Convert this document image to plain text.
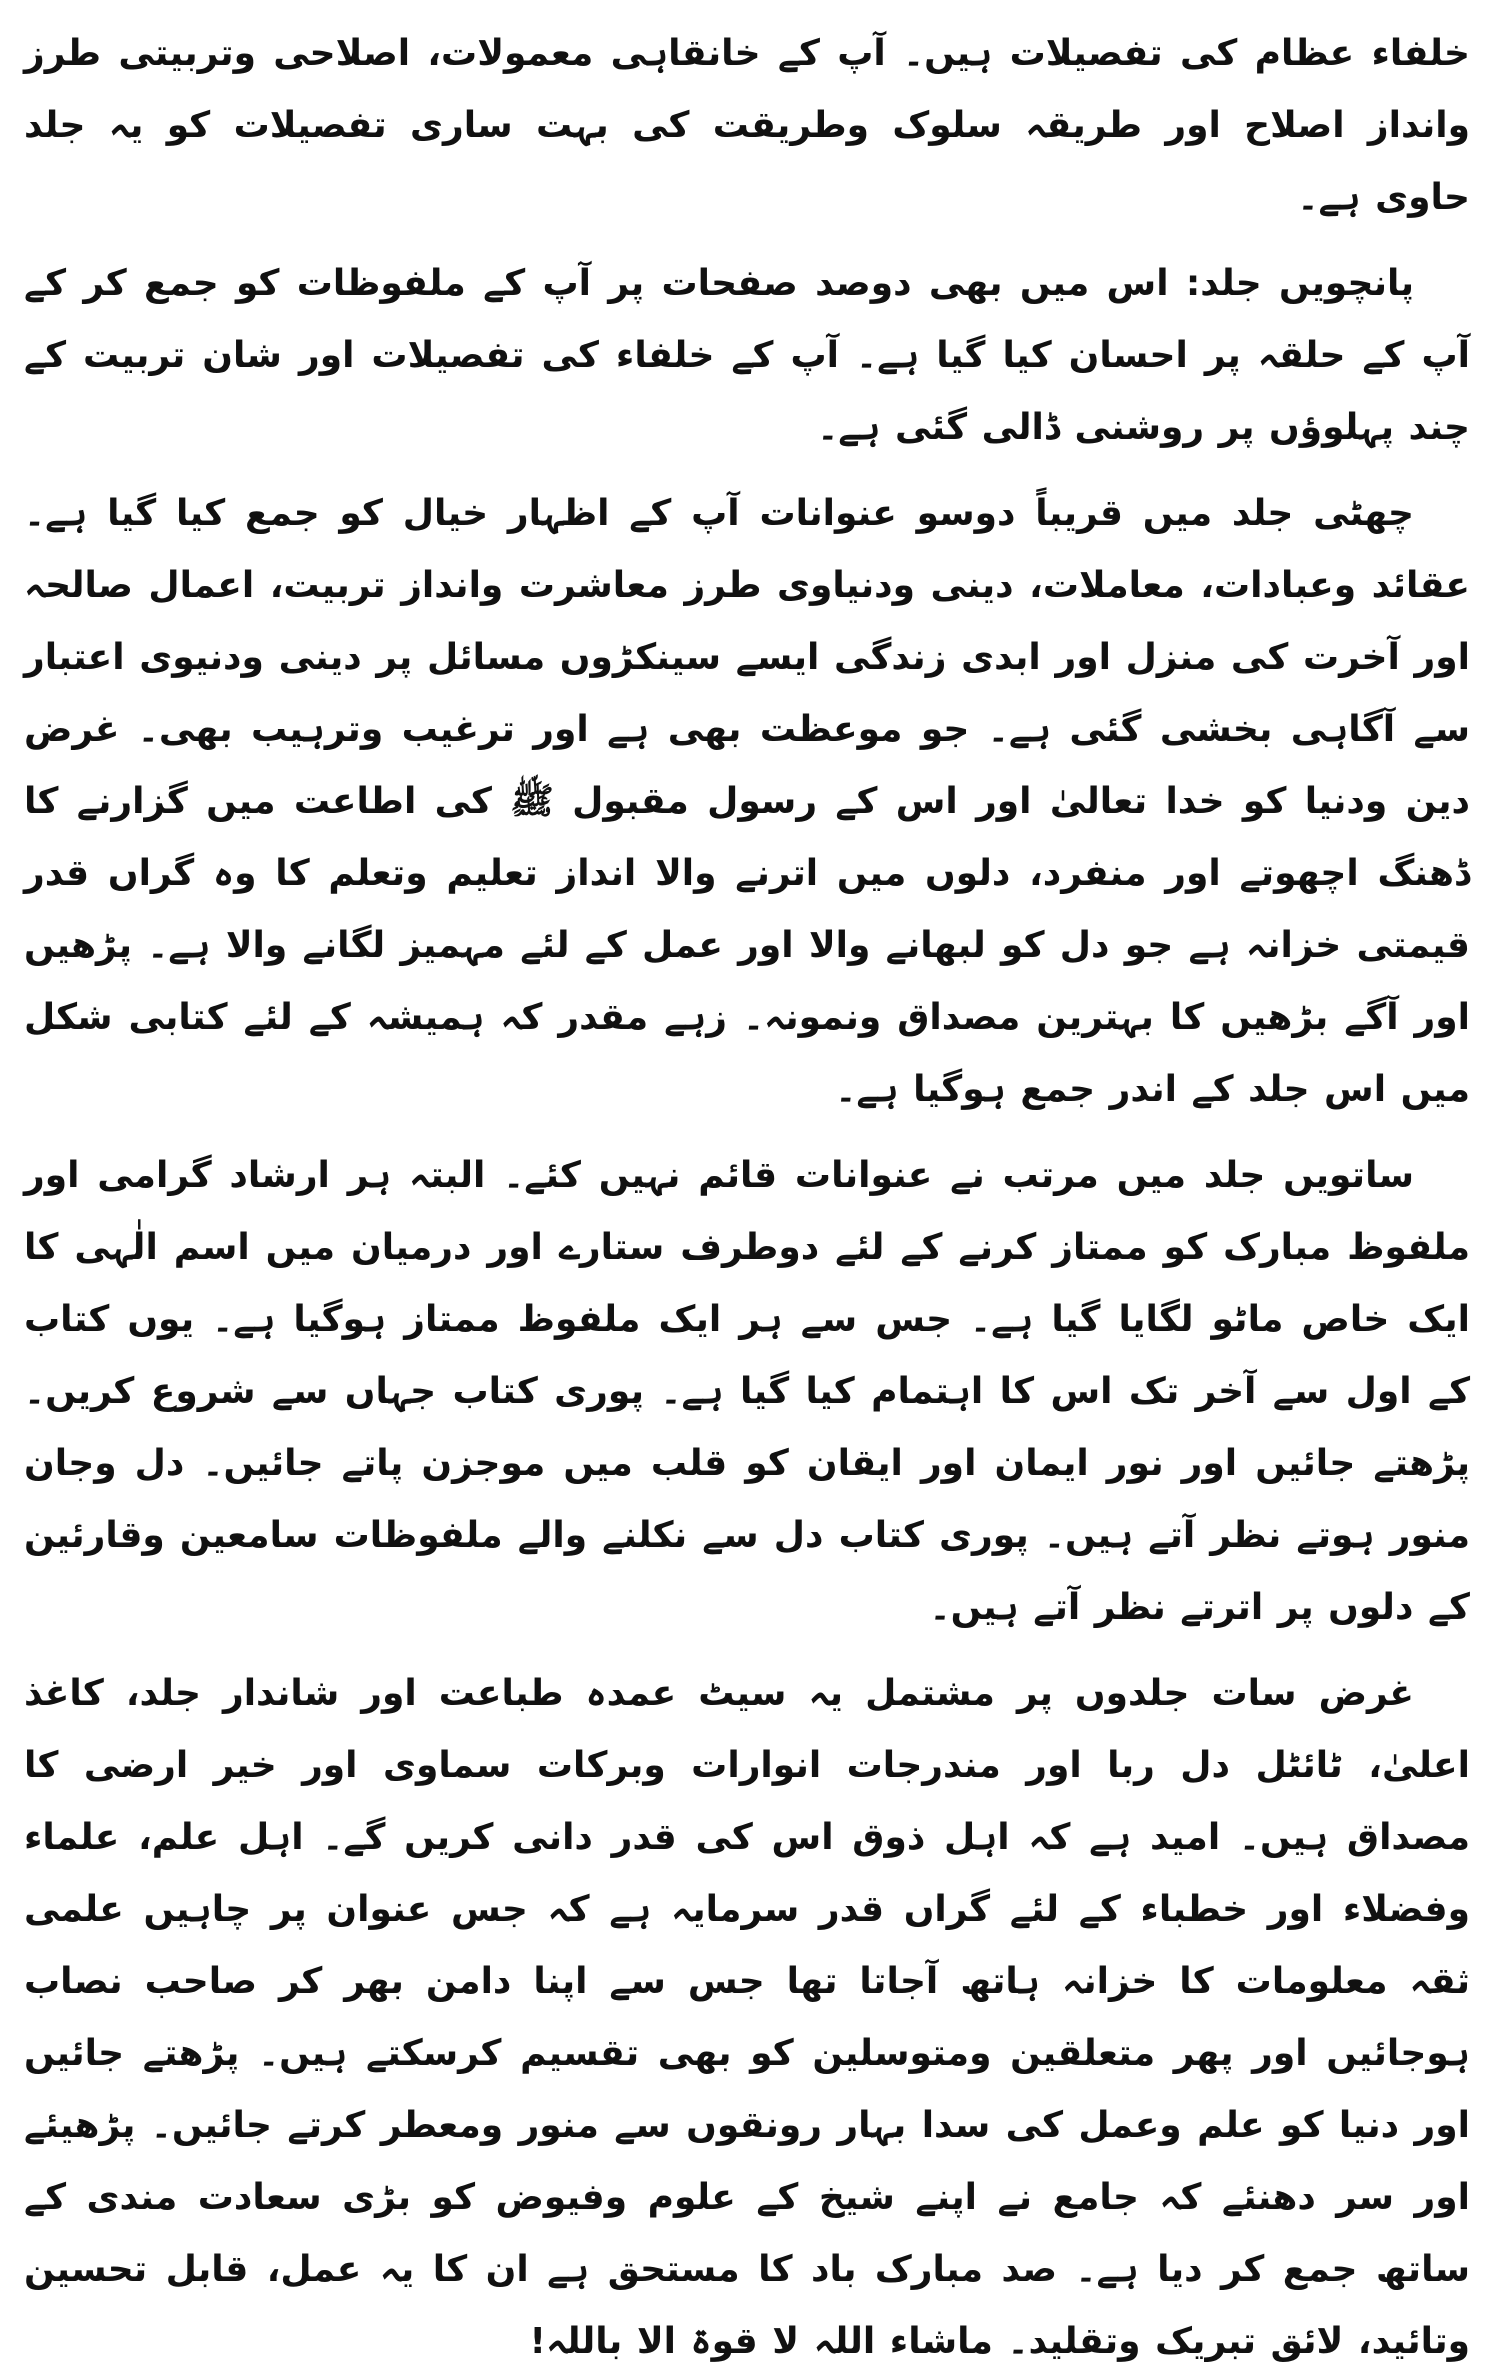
خلفاء عظام کی تفصیلات ہیں۔ آپ کے خانقاہی معمولات، اصلاحی وتربیتی طرز وانداز اصلاح اور طریقہ سلوک وطریقت کی بہت ساری تفصیلات کو یہ جلد حاوی ہے۔

پانچویں جلد: اس میں بھی دوصد صفحات پر آپ کے ملفوظات کو جمع کر کے آپ کے حلقہ پر احسان کیا گیا ہے۔ آپ کے خلفاء کی تفصیلات اور شان تربیت کے چند پہلوؤں پر روشنی ڈالی گئی ہے۔

چھٹی جلد میں قریباً دوسو عنوانات آپ کے اظہار خیال کو جمع کیا گیا ہے۔ عقائد وعبادات، معاملات، دینی ودنیاوی طرز معاشرت وانداز تربیت، اعمال صالحہ اور آخرت کی منزل اور ابدی زندگی ایسے سینکڑوں مسائل پر دینی ودنیوی اعتبار سے آگاہی بخشی گئی ہے۔ جو موعظت بھی ہے اور ترغیب وترہیب بھی۔ غرض دین ودنیا کو خدا تعالیٰ اور اس کے رسول مقبول ﷺ کی اطاعت میں گزارنے کا ڈھنگ اچھوتے اور منفرد، دلوں میں اترنے والا انداز تعلیم وتعلم کا وہ گراں قدر قیمتی خزانہ ہے جو دل کو لبھانے والا اور عمل کے لئے مہمیز لگانے والا ہے۔ پڑھیں اور آگے بڑھیں کا بہترین مصداق ونمونہ۔ زہے مقدر کہ ہمیشہ کے لئے کتابی شکل میں اس جلد کے اندر جمع ہوگیا ہے۔

ساتویں جلد میں مرتب نے عنوانات قائم نہیں کئے۔ البتہ ہر ارشاد گرامی اور ملفوظ مبارک کو ممتاز کرنے کے لئے دوطرف ستارے اور درمیان میں اسم الٰہی کا ایک خاص ماٹو لگایا گیا ہے۔ جس سے ہر ایک ملفوظ ممتاز ہوگیا ہے۔ یوں کتاب کے اول سے آخر تک اس کا اہتمام کیا گیا ہے۔ پوری کتاب جہاں سے شروع کریں۔ پڑھتے جائیں اور نور ایمان اور ایقان کو قلب میں موجزن پاتے جائیں۔ دل وجان منور ہوتے نظر آتے ہیں۔ پوری کتاب دل سے نکلنے والے ملفوظات سامعین وقارئین کے دلوں پر اترتے نظر آتے ہیں۔

غرض سات جلدوں پر مشتمل یہ سیٹ عمدہ طباعت اور شاندار جلد، کاغذ اعلیٰ، ٹائٹل دل ربا اور مندرجات انوارات وبرکات سماوی اور خیر ارضی کا مصداق ہیں۔ امید ہے کہ اہل ذوق اس کی قدر دانی کریں گے۔ اہل علم، علماء وفضلاء اور خطباء کے لئے گراں قدر سرمایہ ہے کہ جس عنوان پر چاہیں علمی ثقہ معلومات کا خزانہ ہاتھ آجاتا تھا جس سے اپنا دامن بھر کر صاحب نصاب ہوجائیں اور پھر متعلقین ومتوسلین کو بھی تقسیم کرسکتے ہیں۔ پڑھتے جائیں اور دنیا کو علم وعمل کی سدا بہار رونقوں سے منور ومعطر کرتے جائیں۔ پڑھیئے اور سر دھنئے کہ جامع نے اپنے شیخ کے علوم وفیوض کو بڑی سعادت مندی کے ساتھ جمع کر دیا ہے۔ صد مبارک باد کا مستحق ہے ان کا یہ عمل، قابل تحسین وتائید، لائق تبریک وتقلید۔ ماشاء اللہ لا قوۃ الا باللہ!
